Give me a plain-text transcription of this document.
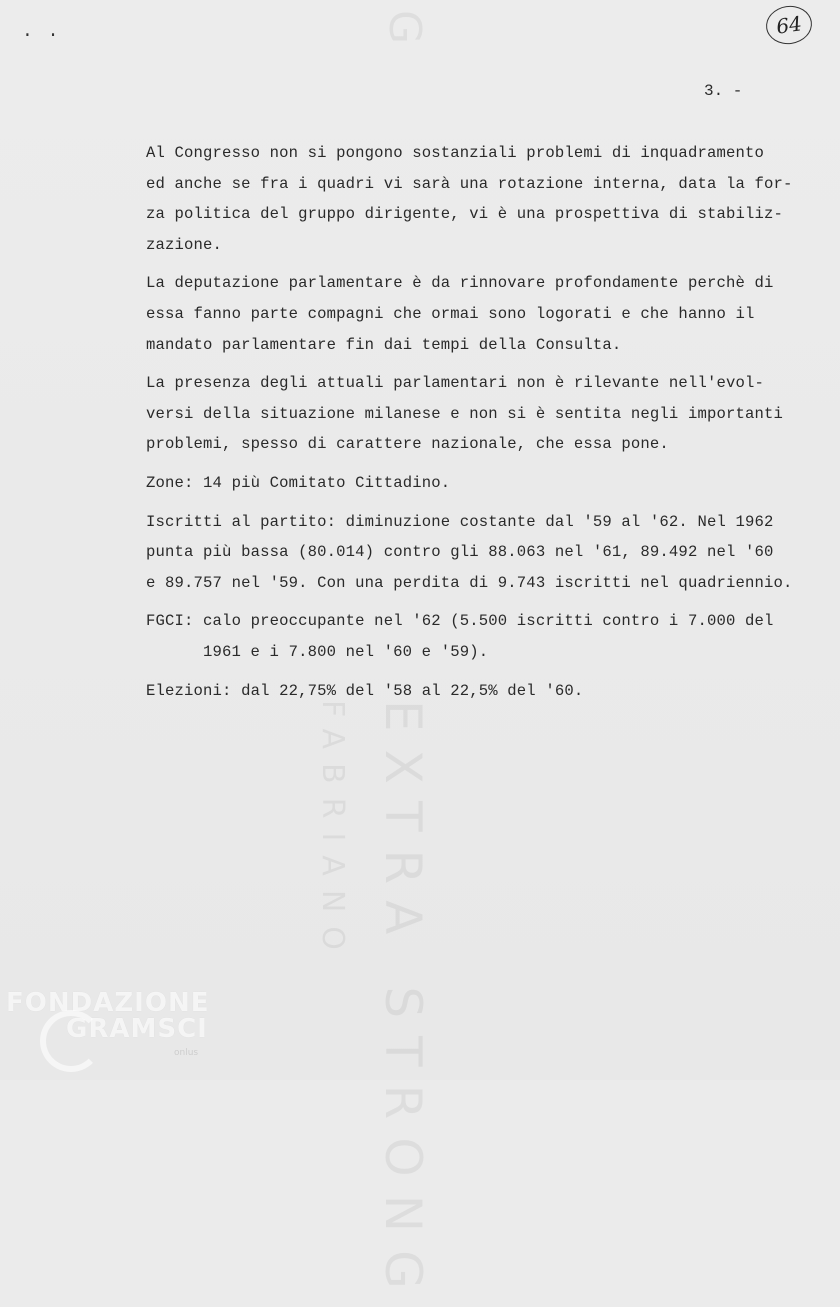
G
EXTRA STRONG
FABRIANO
· ·	64
3. -

Al Congresso non si pongono sostanziali problemi di inquadramento
ed anche se fra i quadri vi sarà una rotazione interna, data la for-
za politica del gruppo dirigente, vi è una prospettiva di stabiliz-
zazione.

La deputazione parlamentare è da rinnovare profondamente perchè di
essa fanno parte compagni che ormai sono logorati e che hanno il
mandato parlamentare fin dai tempi della Consulta.

La presenza degli attuali parlamentari non è rilevante nell'evol-
versi della situazione milanese e non si è sentita negli importanti
problemi, spesso di carattere nazionale, che essa pone.

Zone: 14 più Comitato Cittadino.

Iscritti al partito: diminuzione costante dal '59 al '62. Nel 1962
punta più bassa (80.014) contro gli 88.063 nel '61, 89.492 nel '60
e 89.757 nel '59. Con una perdita di 9.743 iscritti nel quadriennio.

FGCI: calo preoccupante nel '62 (5.500 iscritti contro i 7.000 del
1961 e i 7.800 nel '60 e '59).

Elezioni: dal 22,75% del '58 al 22,5% del '60.

FONDAZIONE
GRAMSCI
onlus
